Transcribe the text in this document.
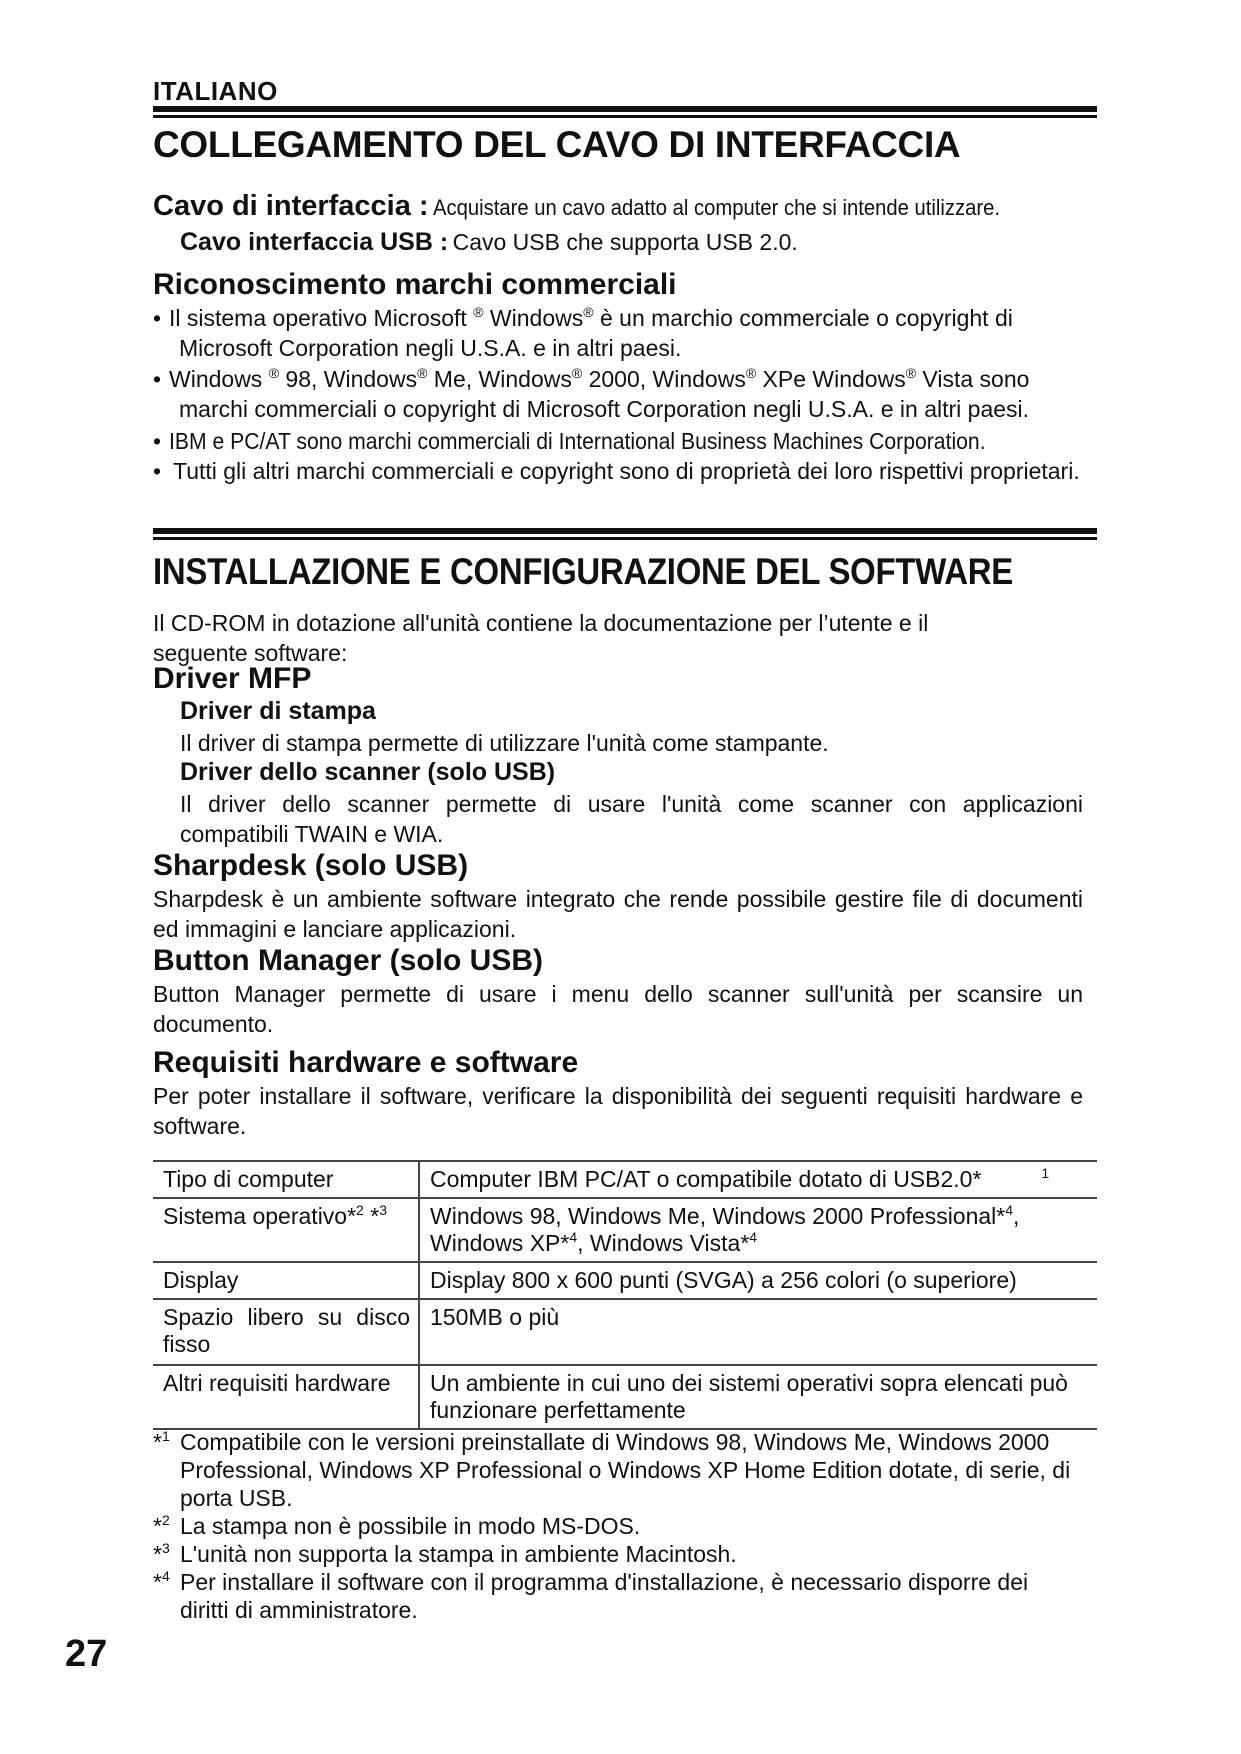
ITALIANO
COLLEGAMENTO DEL CAVO DI INTERFACCIA
Cavo di interfaccia : Acquistare un cavo adatto al computer che si intende utilizzare.
Cavo interfaccia USB : Cavo USB che supporta USB 2.0.
Riconoscimento marchi commerciali
• Il sistema operativo Microsoft ® Windows® è un marchio commerciale o copyright di
Microsoft Corporation negli U.S.A. e in altri paesi.
• Windows ® 98, Windows® Me, Windows® 2000, Windows® XPe Windows® Vista sono
marchi commerciali o copyright di Microsoft Corporation negli U.S.A. e in altri paesi.
• IBM e PC/AT sono marchi commerciali di International Business Machines Corporation.
• Tutti gli altri marchi commerciali e copyright sono di proprietà dei loro rispettivi proprietari.
INSTALLAZIONE E CONFIGURAZIONE DEL SOFTWARE
Il CD-ROM in dotazione all'unità contiene la documentazione per l’utente e il seguente software:
Driver MFP
Driver di stampa
Il driver di stampa permette di utilizzare l'unità come stampante.
Driver dello scanner (solo USB)
Il driver dello scanner permette di usare l'unità come scanner con applicazioni compatibili TWAIN e WIA.
Sharpdesk (solo USB)
Sharpdesk è un ambiente software integrato che rende possibile gestire file di documenti ed immagini e lanciare applicazioni.
Button Manager (solo USB)
Button Manager permette di usare i menu dello scanner sull'unità per scansire un documento.
Requisiti hardware e software
Per poter installare il software, verificare la disponibilità dei seguenti requisiti hardware e software.
Tipo di computer	Computer IBM PC/AT o compatibile dotato di USB2.0* $^1$
Sistema operativo*$^2$ *$^3$	Windows 98, Windows Me, Windows 2000 Professional*$^4$,
Windows XP*$^4$, Windows Vista*$^4$
Display	Display 800 x 600 punti (SVGA) a 256 colori (o superiore)
Spazio libero su disco fisso	150MB o più
Altri requisiti hardware	Un ambiente in cui uno dei sistemi operativi sopra elencati può funzionare perfettamente
*$^1$ Compatibile con le versioni preinstallate di Windows 98, Windows Me, Windows 2000 Professional, Windows XP Professional o Windows XP Home Edition dotate, di serie, di porta USB.
*$^2$ La stampa non è possibile in modo MS-DOS.
*$^3$ L'unità non supporta la stampa in ambiente Macintosh.
*$^4$ Per installare il software con il programma d'installazione, è necessario disporre dei diritti di amministratore.
27
